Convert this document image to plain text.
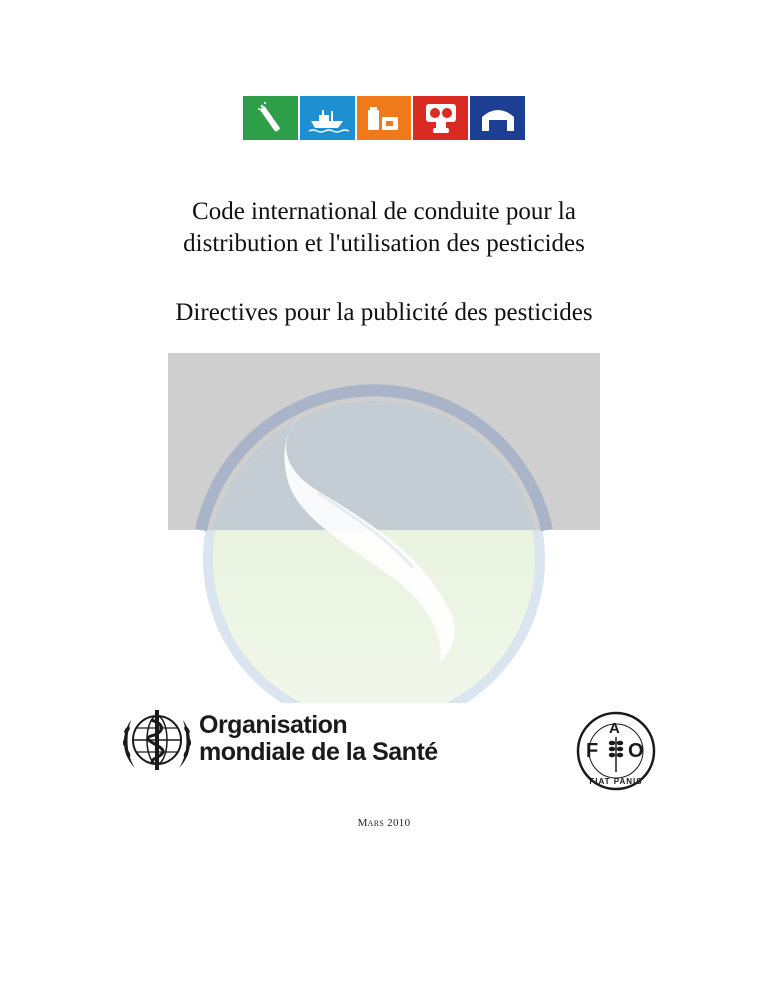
Code international de conduite pour la
distribution et l'utilisation des pesticides
Directives pour la publicité des pesticides
Organisation
mondiale de la Santé	F
A
O
FIAT PANIS
Mars 2010
